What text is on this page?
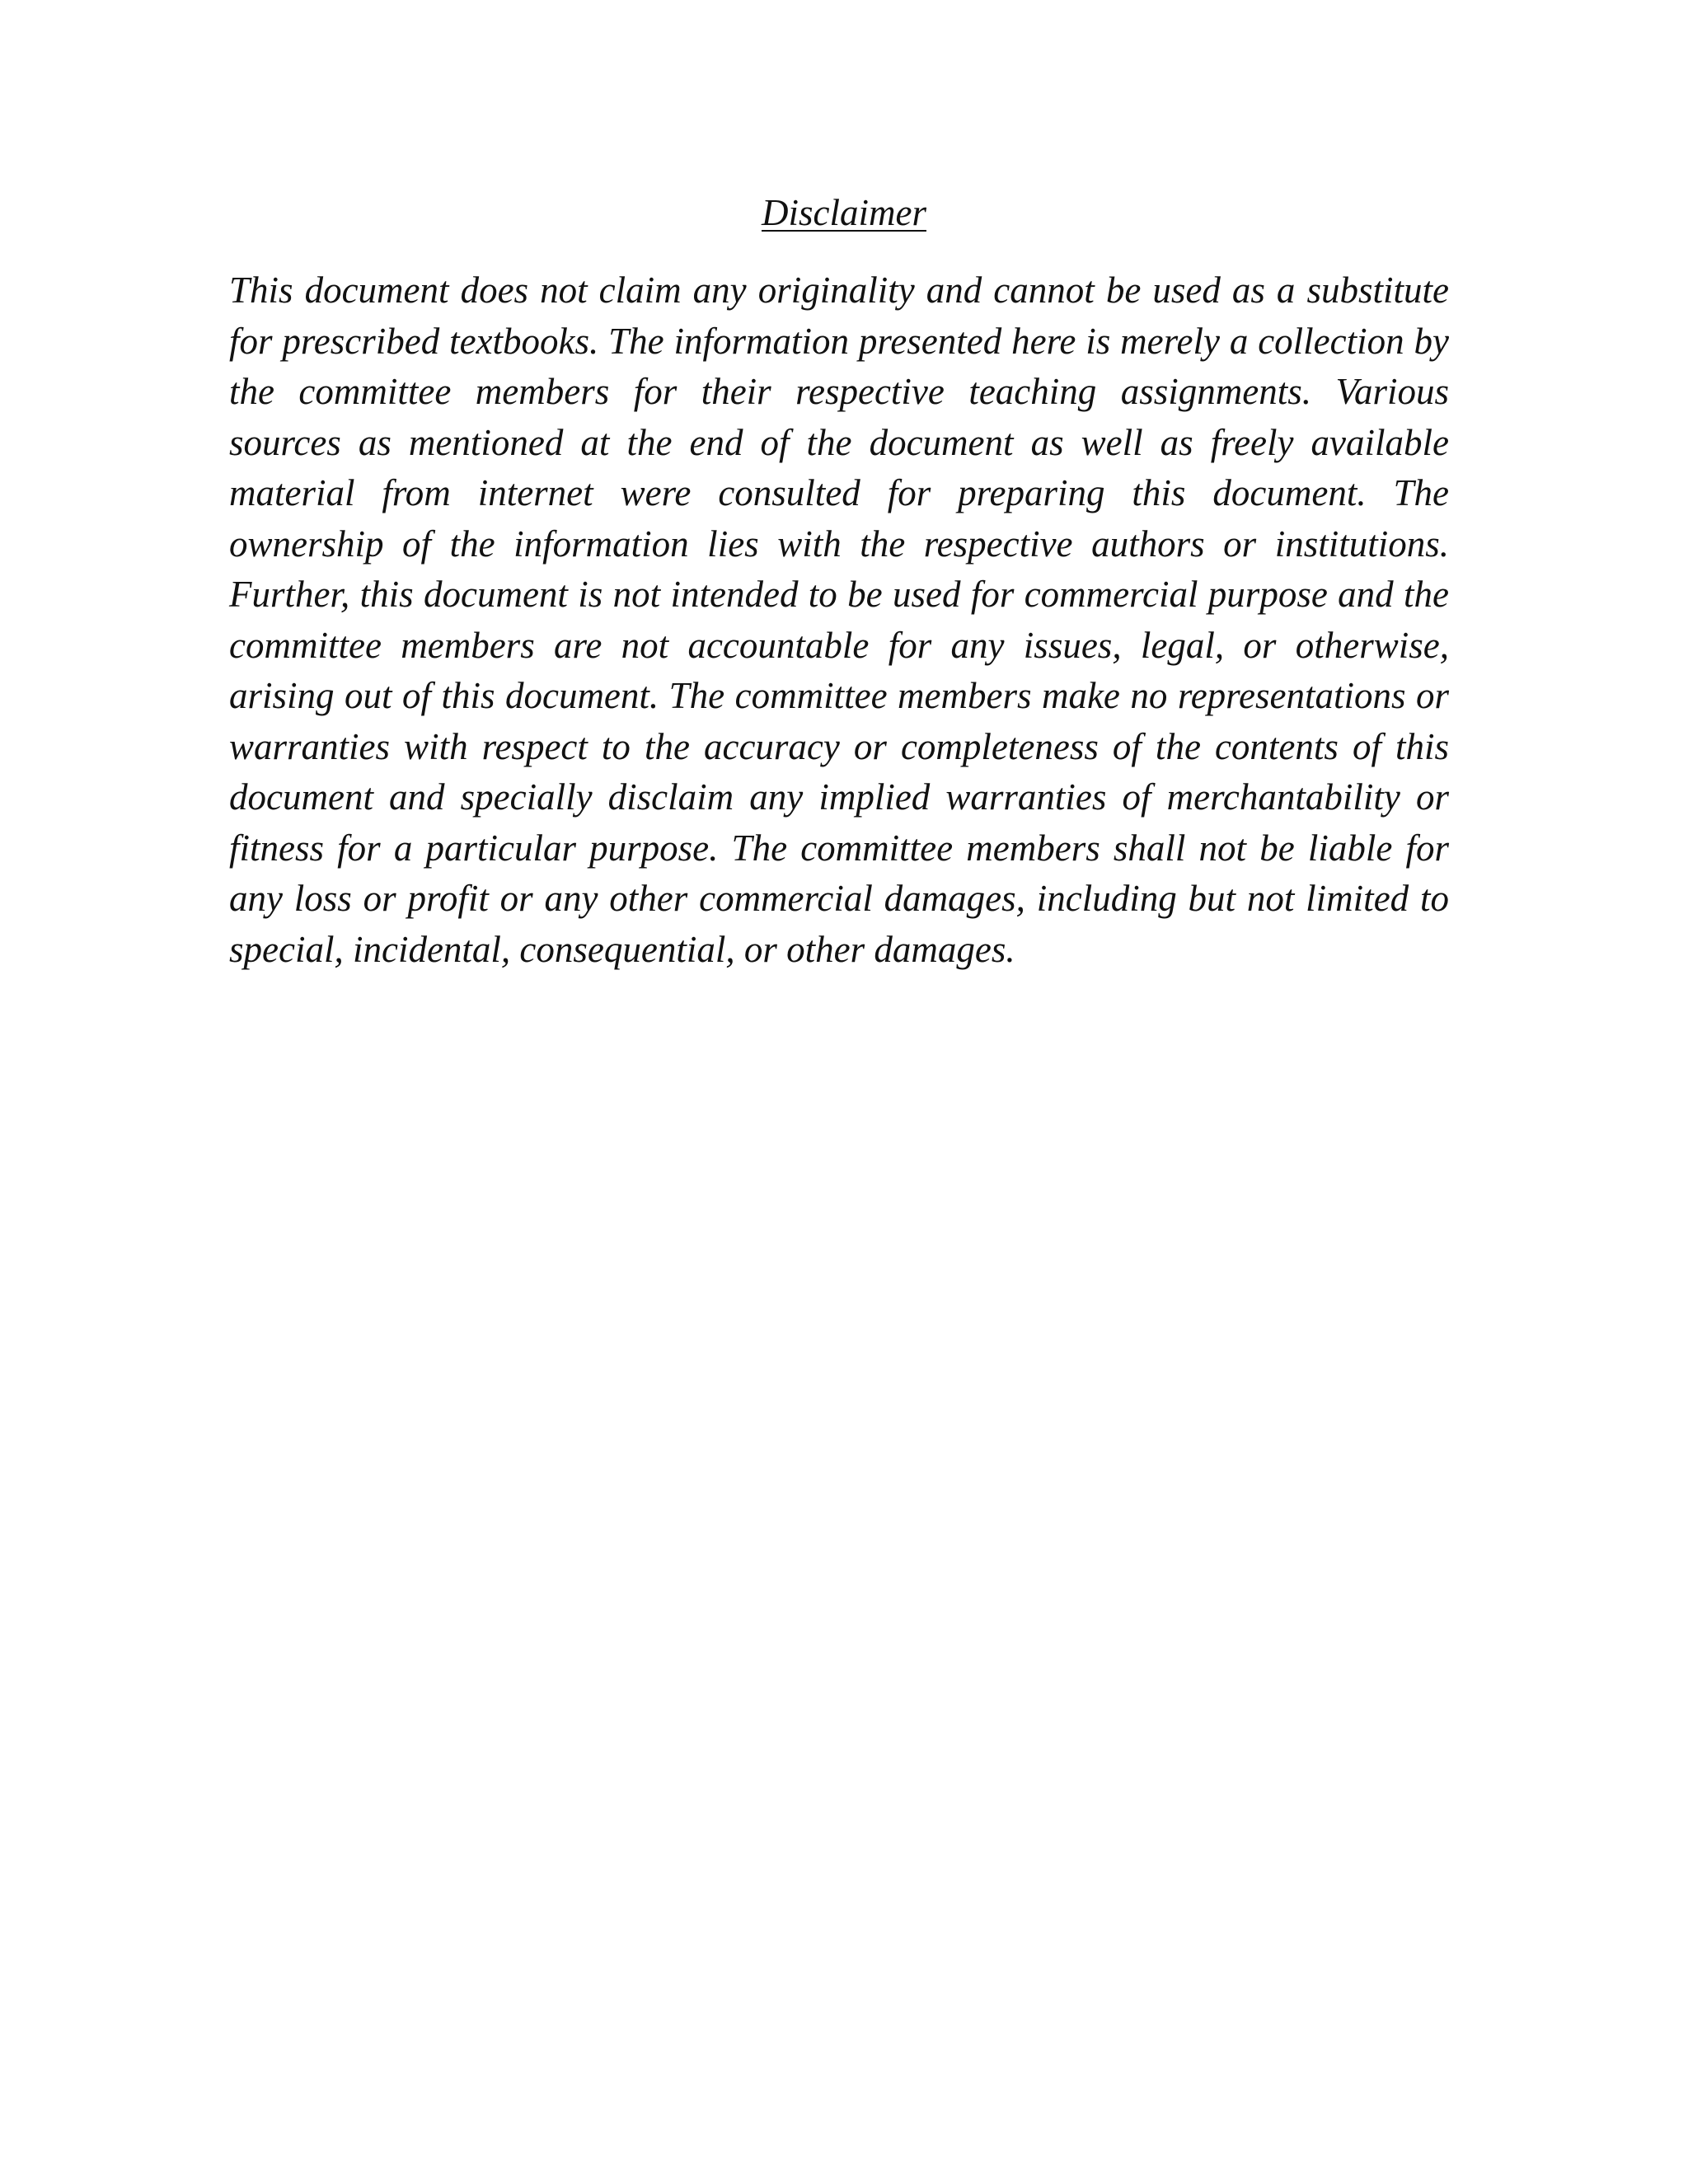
Disclaimer

This document does not claim any originality and cannot be used as a substitute for prescribed textbooks. The information presented here is merely a collection by the committee members for their respective teaching assignments. Various sources as mentioned at the end of the document as well as freely available material from internet were consulted for preparing this document. The ownership of the information lies with the respective authors or institutions. Further, this document is not intended to be used for commercial purpose and the committee members are not accountable for any issues, legal, or otherwise, arising out of this document. The committee members make no representations or warranties with respect to the accuracy or completeness of the contents of this document and specially disclaim any implied warranties of merchantability or fitness for a particular purpose. The committee members shall not be liable for any loss or profit or any other commercial damages, including but not limited to special, incidental, consequential, or other damages.
